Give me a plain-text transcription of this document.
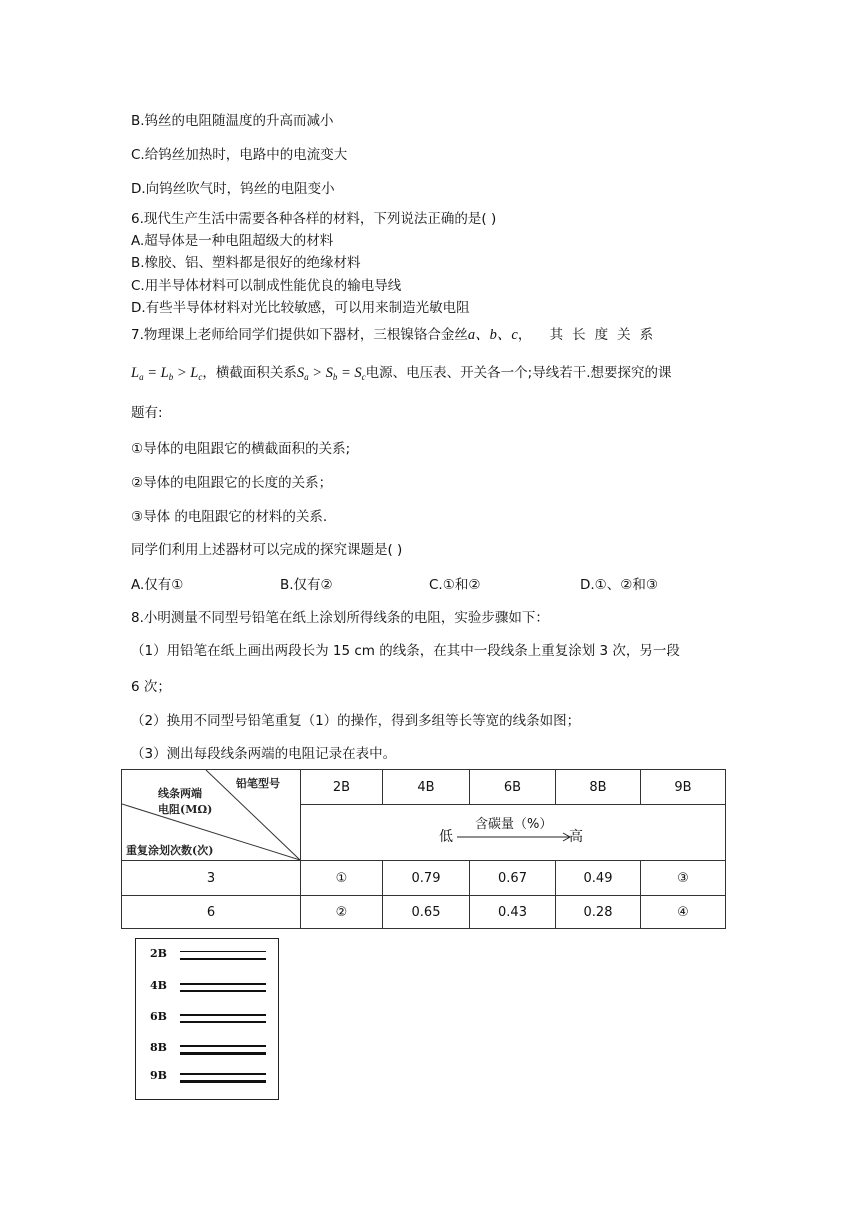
B.钨丝的电阻随温度的升高而减小
C.给钨丝加热时，电路中的电流变大
D.向钨丝吹气时，钨丝的电阻变小
6.现代生产生活中需要各种各样的材料，下列说法正确的是( )
A.超导体是一种电阻超级大的材料
B.橡胶、铝、塑料都是很好的绝缘材料
C.用半导体材料可以制成性能优良的输电导线
D.有些半导体材料对光比较敏感，可以用来制造光敏电阻
7.物理课上老师给同学们提供如下器材，三根镍铬合金丝a、b、c， 其长度关系
$L_a = L_b > L_c$，横截面积关系$S_a > S_b = S_c$电源、电压表、开关各一个;导线若干.想要探究的课
题有:
①导体的电阻跟它的横截面积的关系;
②导体的电阻跟它的长度的关系；
③导体 的电阻跟它的材料的关系.
同学们利用上述器材可以完成的探究课题是( )
A.仅有①	B.仅有②	C.①和②	D.①、②和③
8.小明测量不同型号铅笔在纸上涂划所得线条的电阻，实验步骤如下：
（1）用铅笔在纸上画出两段长为 15 cm 的线条，在其中一段线条上重复涂划 3 次，另一段
6 次；
（2）换用不同型号铅笔重复（1）的操作，得到多组等长等宽的线条如图；
（3）测出每段线条两端的电阻记录在表中。
铅笔型号
线条两端
电阻(MΩ)
重复涂划次数(次)	2B	4B	6B	8B	9B

	低
含碳量（%）
高				

3	①	0.79	0.67	0.49	③
6	②	0.65	0.43	0.28	④
2B
4B
6B
8B
9B
